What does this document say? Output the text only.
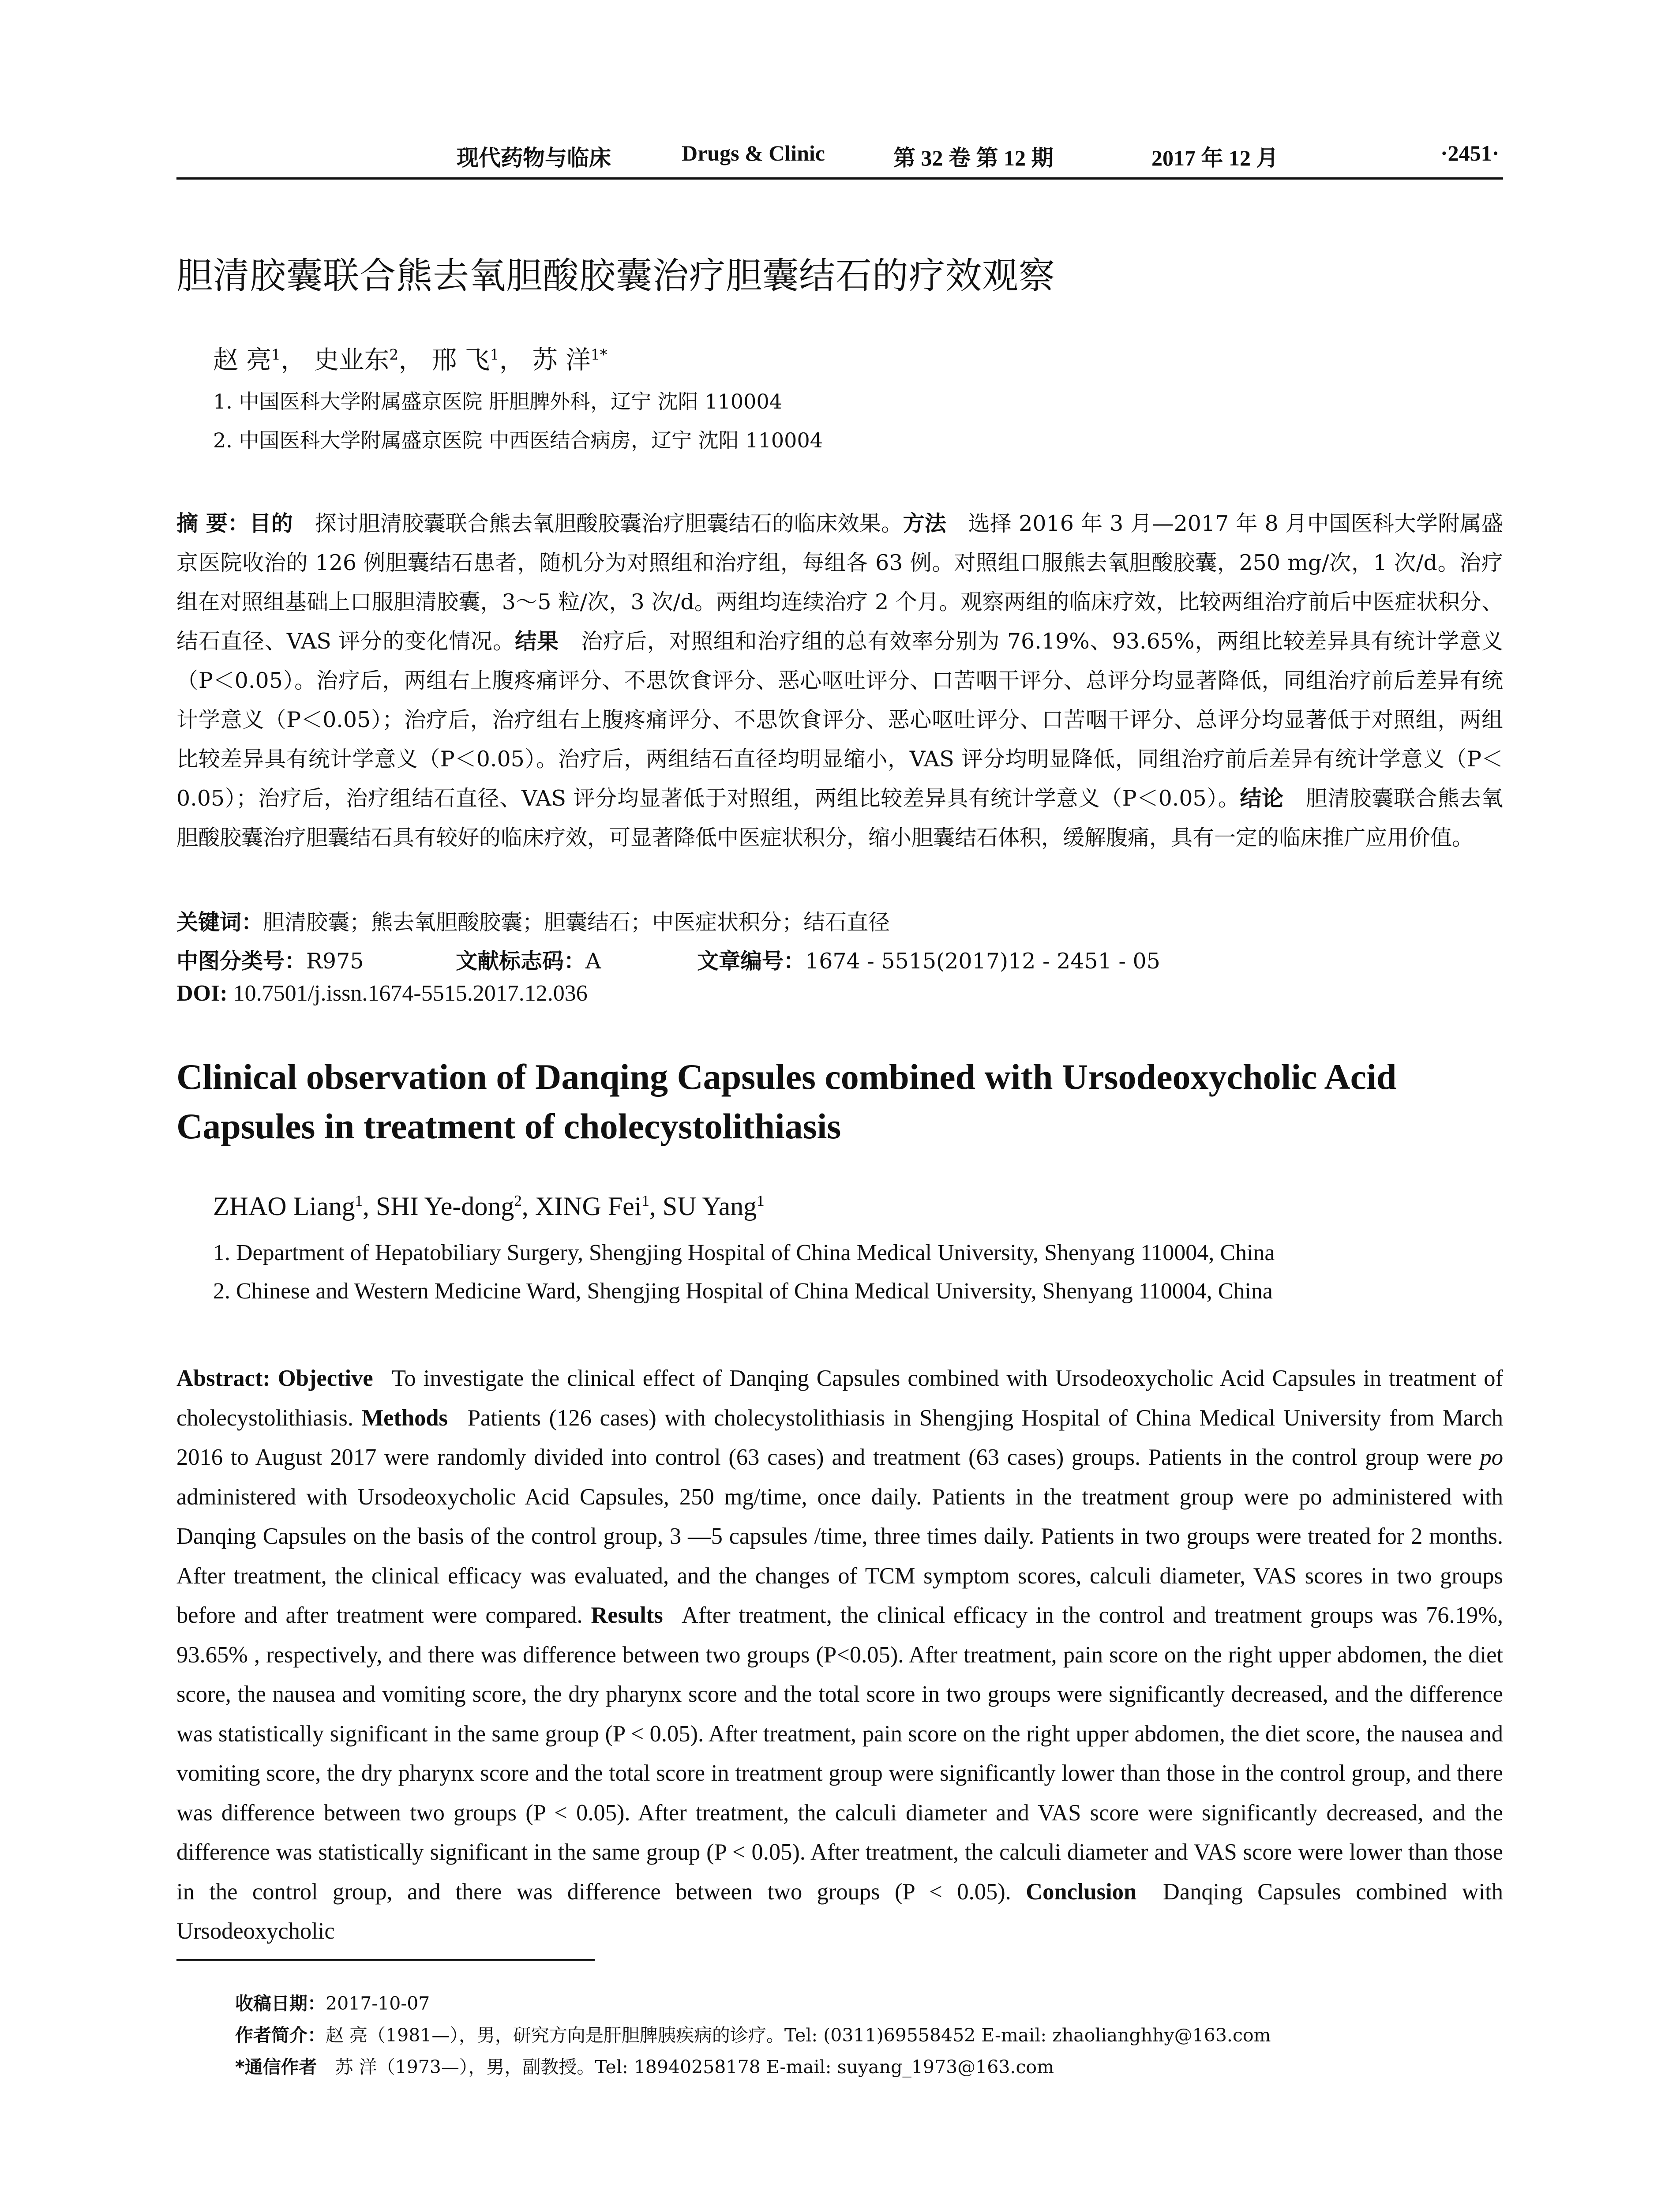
现代药物与临床	Drugs & Clinic	第 32 卷 第 12 期	2017 年 12 月	·2451·
胆清胶囊联合熊去氧胆酸胶囊治疗胆囊结石的疗效观察
赵 亮$^1$， 史业东$^2$， 邢 飞$^1$， 苏 洋$^{1*}$
1. 中国医科大学附属盛京医院 肝胆脾外科，辽宁 沈阳 110004
2. 中国医科大学附属盛京医院 中西医结合病房，辽宁 沈阳 110004
摘 要：目的  探讨胆清胶囊联合熊去氧胆酸胶囊治疗胆囊结石的临床效果。方法  选择 2016 年 3 月—2017 年 8 月中国医科大学附属盛京医院收治的 126 例胆囊结石患者，随机分为对照组和治疗组，每组各 63 例。对照组口服熊去氧胆酸胶囊，250 mg/次，1 次/d。治疗组在对照组基础上口服胆清胶囊，3～5 粒/次，3 次/d。两组均连续治疗 2 个月。观察两组的临床疗效，比较两组治疗前后中医症状积分、结石直径、VAS 评分的变化情况。结果  治疗后，对照组和治疗组的总有效率分别为 76.19%、93.65%，两组比较差异具有统计学意义（P＜0.05）。治疗后，两组右上腹疼痛评分、不思饮食评分、恶心呕吐评分、口苦咽干评分、总评分均显著降低，同组治疗前后差异有统计学意义（P＜0.05）；治疗后，治疗组右上腹疼痛评分、不思饮食评分、恶心呕吐评分、口苦咽干评分、总评分均显著低于对照组，两组比较差异具有统计学意义（P＜0.05）。治疗后，两组结石直径均明显缩小，VAS 评分均明显降低，同组治疗前后差异有统计学意义（P＜0.05）；治疗后，治疗组结石直径、VAS 评分均显著低于对照组，两组比较差异具有统计学意义（P＜0.05）。结论  胆清胶囊联合熊去氧胆酸胶囊治疗胆囊结石具有较好的临床疗效，可显著降低中医症状积分，缩小胆囊结石体积，缓解腹痛，具有一定的临床推广应用价值。
关键词：胆清胶囊；熊去氧胆酸胶囊；胆囊结石；中医症状积分；结石直径
中图分类号：R975	文献标志码：A	文章编号：1674 - 5515(2017)12 - 2451 - 05
DOI: 10.7501/j.issn.1674-5515.2017.12.036
Clinical observation of Danqing Capsules combined with Ursodeoxycholic Acid Capsules in treatment of cholecystolithiasis
ZHAO Liang$^1$, SHI Ye-dong$^2$, XING Fei$^1$, SU Yang$^1$
1. Department of Hepatobiliary Surgery, Shengjing Hospital of China Medical University, Shenyang 110004, China
2. Chinese and Western Medicine Ward, Shengjing Hospital of China Medical University, Shenyang 110004, China
Abstract: Objective  To investigate the clinical effect of Danqing Capsules combined with Ursodeoxycholic Acid Capsules in treatment of cholecystolithiasis. Methods  Patients (126 cases) with cholecystolithiasis in Shengjing Hospital of China Medical University from March 2016 to August 2017 were randomly divided into control (63 cases) and treatment (63 cases) groups. Patients in the control group were po administered with Ursodeoxycholic Acid Capsules, 250 mg/time, once daily. Patients in the treatment group were po administered with Danqing Capsules on the basis of the control group, 3 —5 capsules /time, three times daily. Patients in two groups were treated for 2 months. After treatment, the clinical efficacy was evaluated, and the changes of TCM symptom scores, calculi diameter, VAS scores in two groups before and after treatment were compared. Results  After treatment, the clinical efficacy in the control and treatment groups was 76.19%, 93.65% , respectively, and there was difference between two groups (P<0.05). After treatment, pain score on the right upper abdomen, the diet score, the nausea and vomiting score, the dry pharynx score and the total score in two groups were significantly decreased, and the difference was statistically significant in the same group (P < 0.05). After treatment, pain score on the right upper abdomen, the diet score, the nausea and vomiting score, the dry pharynx score and the total score in treatment group were significantly lower than those in the control group, and there was difference between two groups (P < 0.05). After treatment, the calculi diameter and VAS score were significantly decreased, and the difference was statistically significant in the same group (P < 0.05). After treatment, the calculi diameter and VAS score were lower than those in the control group, and there was difference between two groups (P < 0.05). Conclusion  Danqing Capsules combined with Ursodeoxycholic
收稿日期：2017-10-07
作者简介：赵 亮（1981—），男，研究方向是肝胆脾胰疾病的诊疗。Tel: (0311)69558452 E-mail: zhaolianghhy@163.com
*通信作者  苏 洋（1973—），男，副教授。Tel: 18940258178 E-mail: suyang_1973@163.com
